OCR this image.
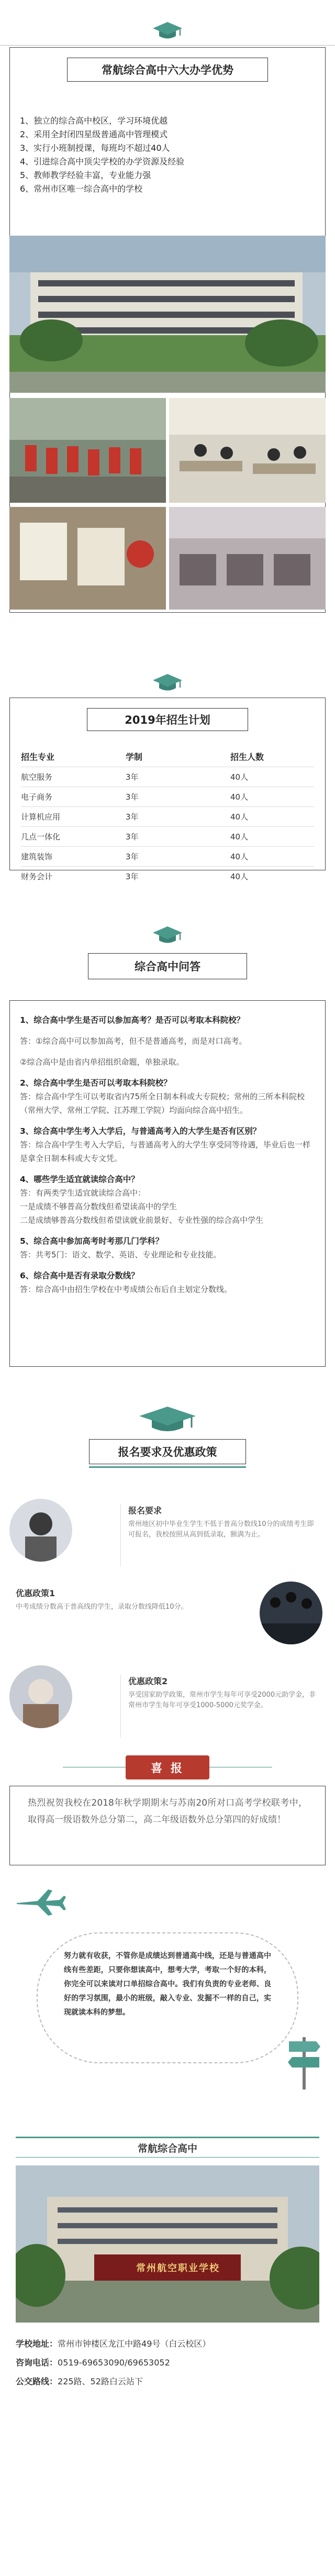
常航综合高中六大办学优势
1、独立的综合高中校区，学习环境优越
2、采用全封闭四星级普通高中管理模式
3、实行小班制授课，每班均不超过40人
4、引进综合高中顶尖学校的办学资源及经验
5、教师教学经验丰富，专业能力强
6、常州市区唯一综合高中的学校
2019年招生计划
招生专业	学制	招生人数
航空服务	3年	40人
电子商务	3年	40人
计算机应用	3年	40人
几点一体化	3年	40人
建筑装饰	3年	40人
财务会计	3年	40人
综合高中问答

1、综合高中学生是否可以参加高考？是否可以考取本科院校？

答：①综合高中可以参加高考，但不是普通高考，而是对口高考。

②综合高中是由省内单招组织命题，单独录取。

2、综合高中学生是否可以考取本科院校？

答：综合高中学生可以考取省内75所全日制本科或大专院校；常州的三所本科院校（常州大学、常州工学院、江苏理工学院）均面向综合高中招生。

3、综合高中学生考入大学后，与普通高考入的大学生是否有区别？

答：综合高中学生考入大学后，与普通高考入的大学生享受同等待遇，毕业后也一样是拿全日制本科或大专文凭。

4、哪些学生适宜就读综合高中？

答：有两类学生适宜就读综合高中：

一是成绩不够普高分数线但希望读高中的学生

二是成绩够普高分数线但希望读就业前景好、专业性强的综合高中学生

5、综合高中参加高考时考那几门学科？

答：共考5门：语文、数学、英语、专业理论和专业技能。

6、综合高中是否有录取分数线？

答：综合高中由招生学校在中考成绩公布后自主划定分数线。

报名要求及优惠政策

报名要求

常州地区初中毕业生学生不低于普高分数线10分的成绩考生即可报名，我校按照从高到低录取，额满为止。

优惠政策1

中考成绩分数高于普高线的学生，录取分数线降低10分。

优惠政策2

享受国家助学政策，常州市学生每年可享受2000元助学金，非常州市学生每年可享受1000-5000元奖学金。

喜 报

热烈祝贺我校在2018年秋学期期末与苏南20所对口高考学校联考中，取得高一级语数外总分第二，高二年级语数外总分第四的好成绩！

努力就有收获，不管你是成绩达到普通高中线，还是与普通高中线有些差距，只要你想读高中，想考大学，考取一个好的本科，你完全可以来读对口单招综合高中。我们有负责的专业老师、良好的学习氛围，最小的班级，敲入专业、发掘不一样的自己，实现就读本科的梦想。
常航综合高中
常州航空职业学校
学校地址：常州市钟楼区龙江中路49号（白云校区）
咨询电话：0519-69653090/69653052
公交路线：225路、52路白云站下
